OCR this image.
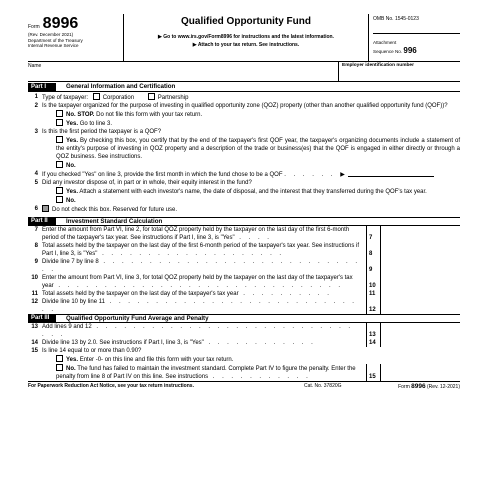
Form 8996
(Rev. December 2021)
Department of the Treasury
Internal Revenue Service
Qualified Opportunity Fund
▶ Go to www.irs.gov/Form8996 for instructions and the latest information.
▶ Attach to your tax return. See instructions.
OMB No. 1545-0123
Attachment
Sequence No. 996
Name	Employer identification number
Part I	General Information and Certification
1 Type of taxpayer: Corporation	Partnership
2 Is the taxpayer organized for the purpose of investing in qualified opportunity zone (QOZ) property (other than another qualified opportunity fund (QOF))?
No. STOP. Do not file this form with your tax return.
Yes. Go to line 3.
3 Is this the first period the taxpayer is a QOF?
Yes. By checking this box, you certify that by the end of the taxpayer's first QOF year, the taxpayer's organizing documents include a statement of the entity's purpose of investing in QOZ property and a description of the trade or business(es) that the QOF is engaged in either directly or through a QOZ business. See instructions.
No.
4 If you checked "Yes" on line 3, provide the first month in which the fund chose to be a QOF . . . . . . ▶
5 Did any investor dispose of, in part or in whole, their equity interest in the fund?
Yes. Attach a statement with each investor's name, the date of disposal, and the interest that they transferred during the QOF's tax year.
No.
6	Do not check this box. Reserved for future use.
Part II	Investment Standard Calculation
7 Enter the amount from Part VI, line 2, for total QOZ property held by the taxpayer on the last day of the first 6-month period of the taxpayer's tax year. See instructions if Part I, line 3, is "Yes" . . . .	7
8 Total assets held by the taxpayer on the last day of the first 6-month period of the taxpayer's tax year. See instructions if Part I, line 3, is "Yes" . . . . . . . . . . . . . . . . . . . .	8
9 Divide line 7 by line 8 . . . . . . . . . . . . . . . . . . . . . . . . . . . . . .	9
10 Enter the amount from Part VI, line 3, for total QOZ property held by the taxpayer on the last day of the taxpayer's tax year . . . . . . . . . . . . . . . . . . . . . . . . . . . . . . .	10
11 Total assets held by the taxpayer on the last day of the taxpayer's tax year . . . . . . . . . .	11
12 Divide line 10 by line 11 . . . . . . . . . . . . . . . . . . . . . . . . . . . . .	12
Part III	Qualified Opportunity Fund Average and Penalty
13 Add lines 9 and 12 . . . . . . . . . . . . . . . . . . . . . . . . . . . . . . .	13
14 Divide line 13 by 2.0. See instructions if Part I, line 3, is "Yes" . . . . . . . . . . . .	14
15 Is line 14 equal to or more than 0.90?
Yes. Enter -0- on this line and file this form with your tax return.
No. The fund has failed to maintain the investment standard. Complete Part IV to figure the penalty. Enter the penalty from line 8 of Part IV on this line. See instructions . . . . . . . . . . .	15
For Paperwork Reduction Act Notice, see your tax return instructions.	Cat. No. 37820G	Form 8996 (Rev. 12-2021)
